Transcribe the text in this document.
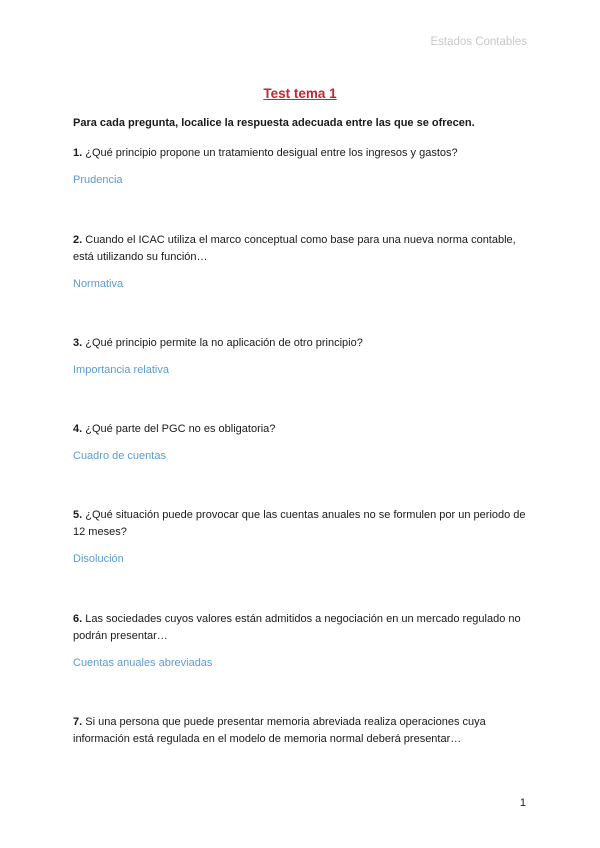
Estados Contables
Test tema 1
Para cada pregunta, localice la respuesta adecuada entre las que se ofrecen.
1. ¿Qué principio propone un tratamiento desigual entre los ingresos y gastos?
Prudencia
2. Cuando el ICAC utiliza el marco conceptual como base para una nueva norma contable, está utilizando su función…
Normativa
3. ¿Qué principio permite la no aplicación de otro principio?
Importancia relativa
4. ¿Qué parte del PGC no es obligatoria?
Cuadro de cuentas
5. ¿Qué situación puede provocar que las cuentas anuales no se formulen por un periodo de 12 meses?
Disolución
6. Las sociedades cuyos valores están admitidos a negociación en un mercado regulado no podrán presentar…
Cuentas anuales abreviadas
7. Si una persona que puede presentar memoria abreviada realiza operaciones cuya información está regulada en el modelo de memoria normal deberá presentar…
1
